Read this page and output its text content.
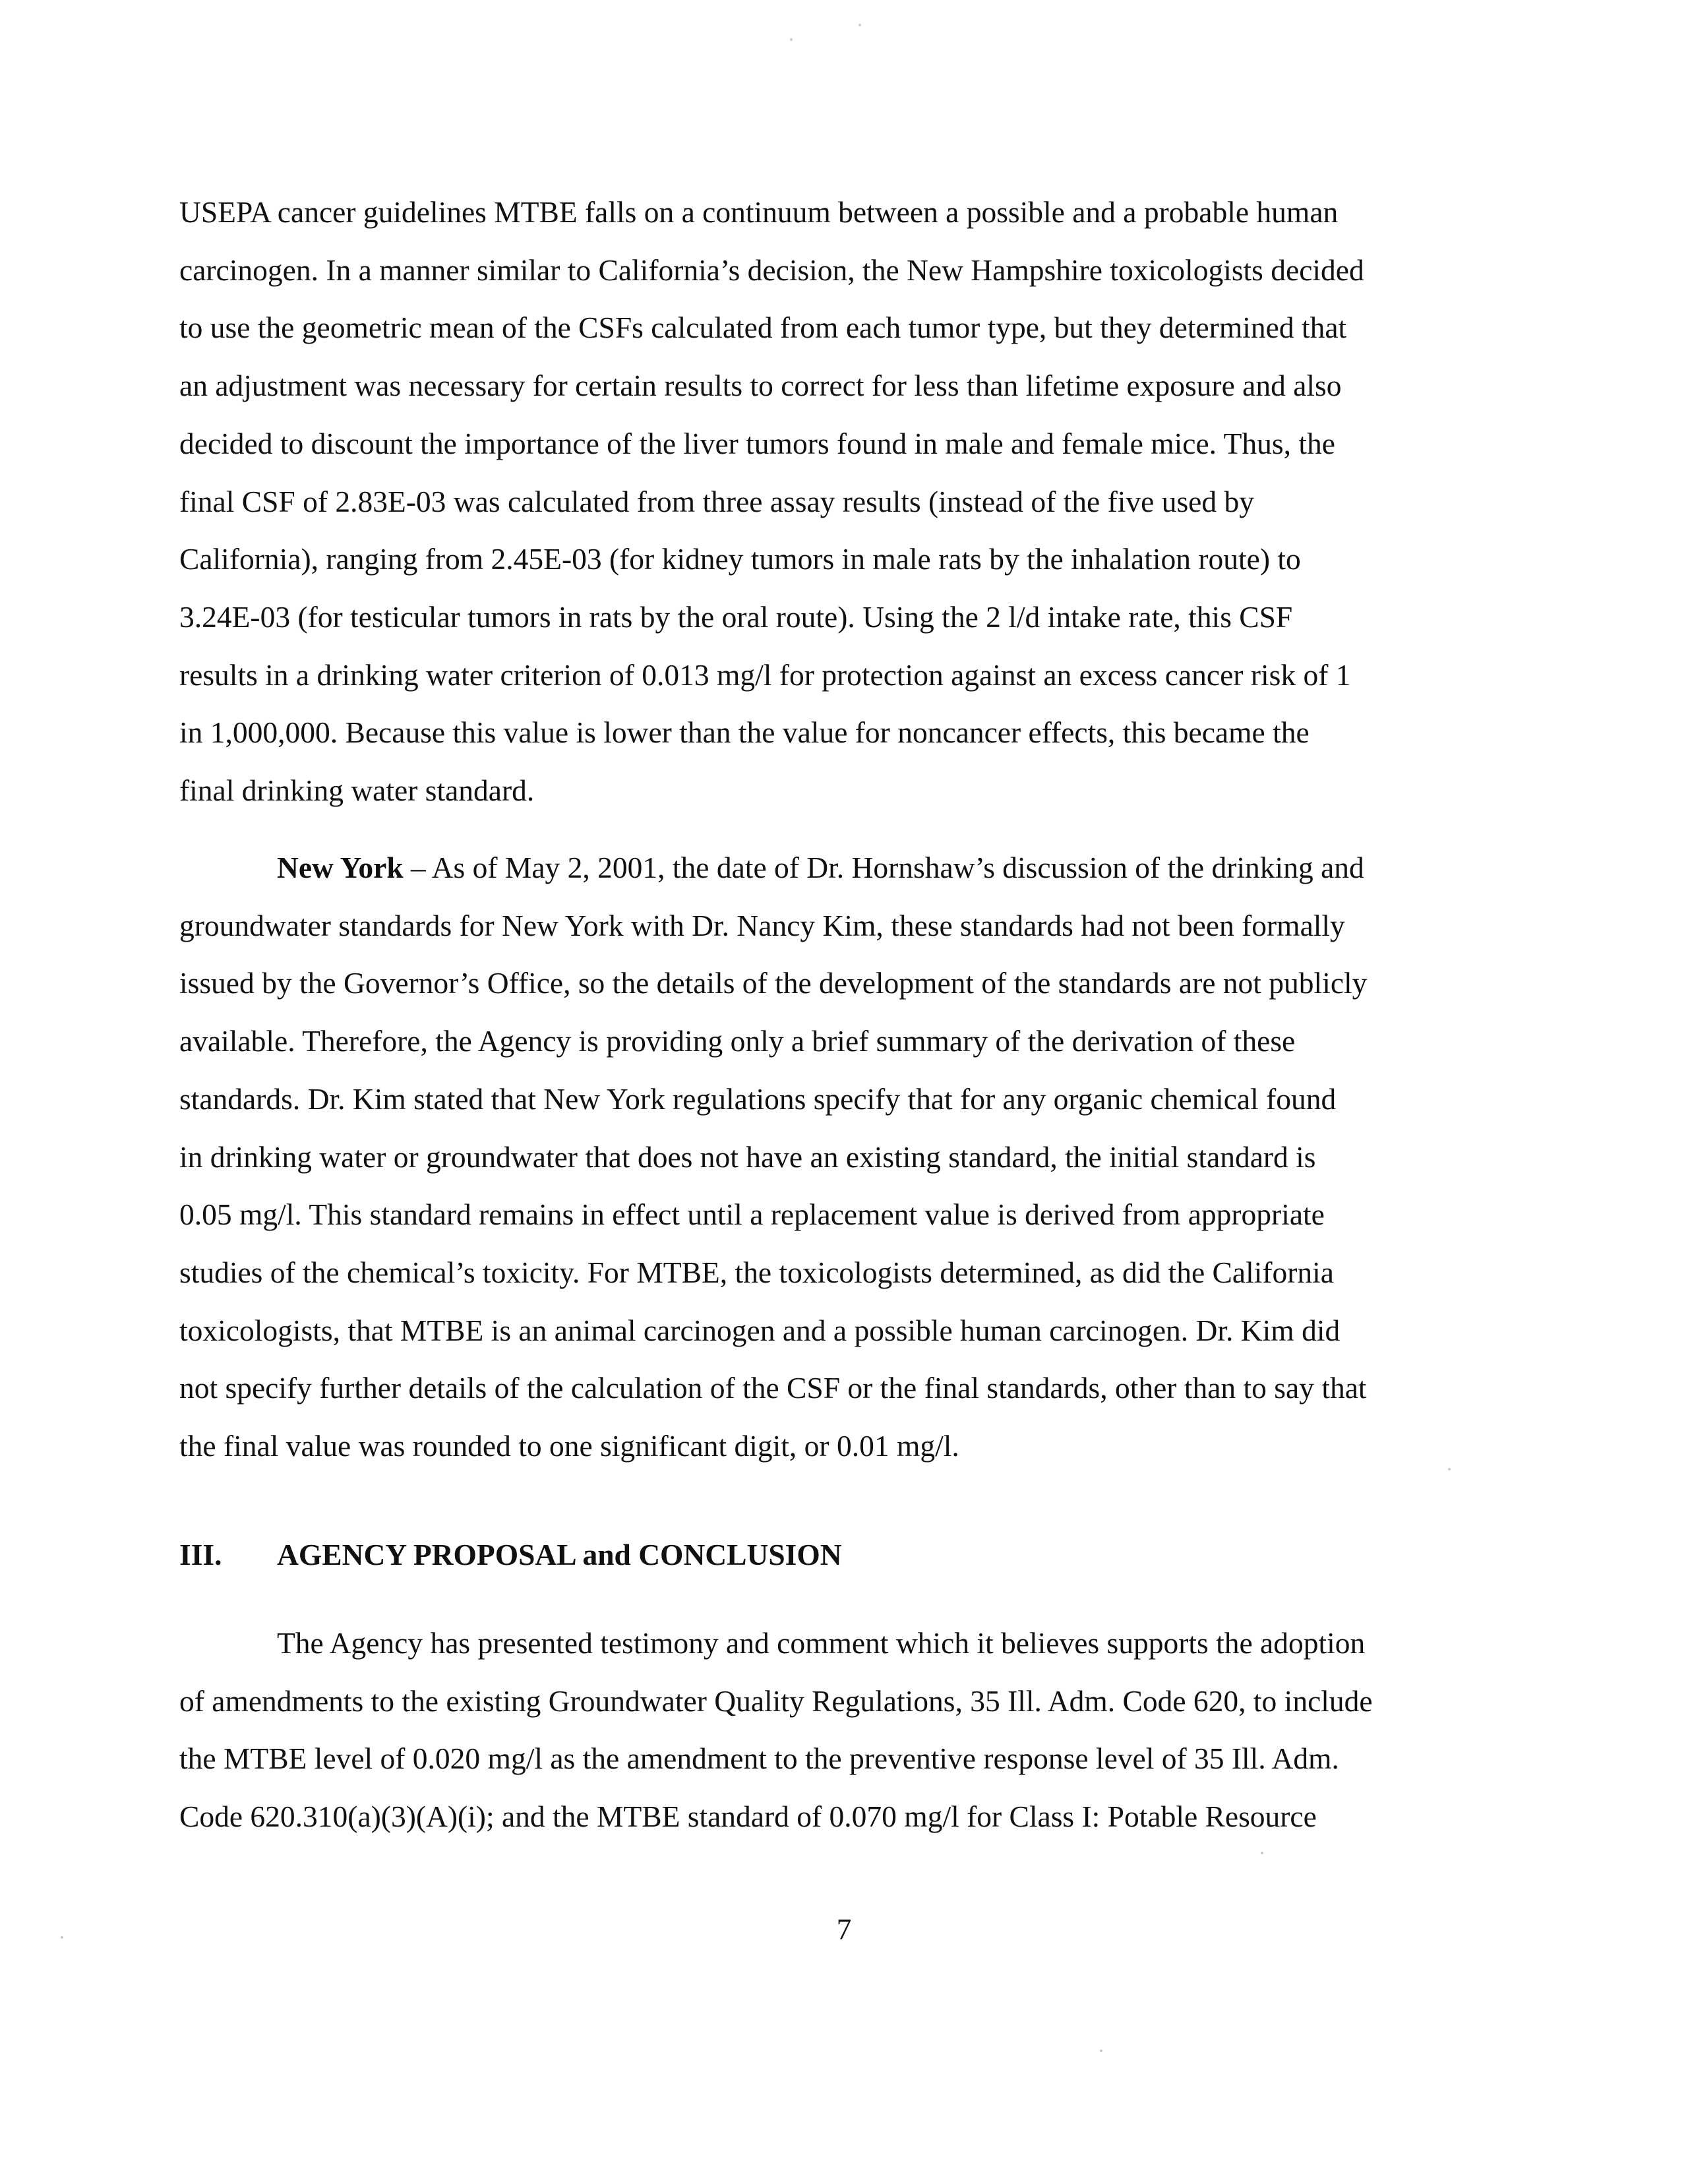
USEPA cancer guidelines MTBE falls on a continuum between a possible and a probable human
carcinogen. In a manner similar to California’s decision, the New Hampshire toxicologists decided
to use the geometric mean of the CSFs calculated from each tumor type, but they determined that
an adjustment was necessary for certain results to correct for less than lifetime exposure and also
decided to discount the importance of the liver tumors found in male and female mice. Thus, the
final CSF of 2.83E-03 was calculated from three assay results (instead of the five used by
California), ranging from 2.45E-03 (for kidney tumors in male rats by the inhalation route) to
3.24E-03 (for testicular tumors in rats by the oral route). Using the 2 l/d intake rate, this CSF
results in a drinking water criterion of 0.013 mg/l for protection against an excess cancer risk of 1
in 1,000,000. Because this value is lower than the value for noncancer effects, this became the
final drinking water standard.
New York – As of May 2, 2001, the date of Dr. Hornshaw’s discussion of the drinking and
groundwater standards for New York with Dr. Nancy Kim, these standards had not been formally
issued by the Governor’s Office, so the details of the development of the standards are not publicly
available. Therefore, the Agency is providing only a brief summary of the derivation of these
standards. Dr. Kim stated that New York regulations specify that for any organic chemical found
in drinking water or groundwater that does not have an existing standard, the initial standard is
0.05 mg/l. This standard remains in effect until a replacement value is derived from appropriate
studies of the chemical’s toxicity. For MTBE, the toxicologists determined, as did the California
toxicologists, that MTBE is an animal carcinogen and a possible human carcinogen. Dr. Kim did
not specify further details of the calculation of the CSF or the final standards, other than to say that
the final value was rounded to one significant digit, or 0.01 mg/l.
III. AGENCY PROPOSAL and CONCLUSION
The Agency has presented testimony and comment which it believes supports the adoption
of amendments to the existing Groundwater Quality Regulations, 35 Ill. Adm. Code 620, to include
the MTBE level of 0.020 mg/l as the amendment to the preventive response level of 35 Ill. Adm.
Code 620.310(a)(3)(A)(i); and the MTBE standard of 0.070 mg/l for Class I: Potable Resource
7
